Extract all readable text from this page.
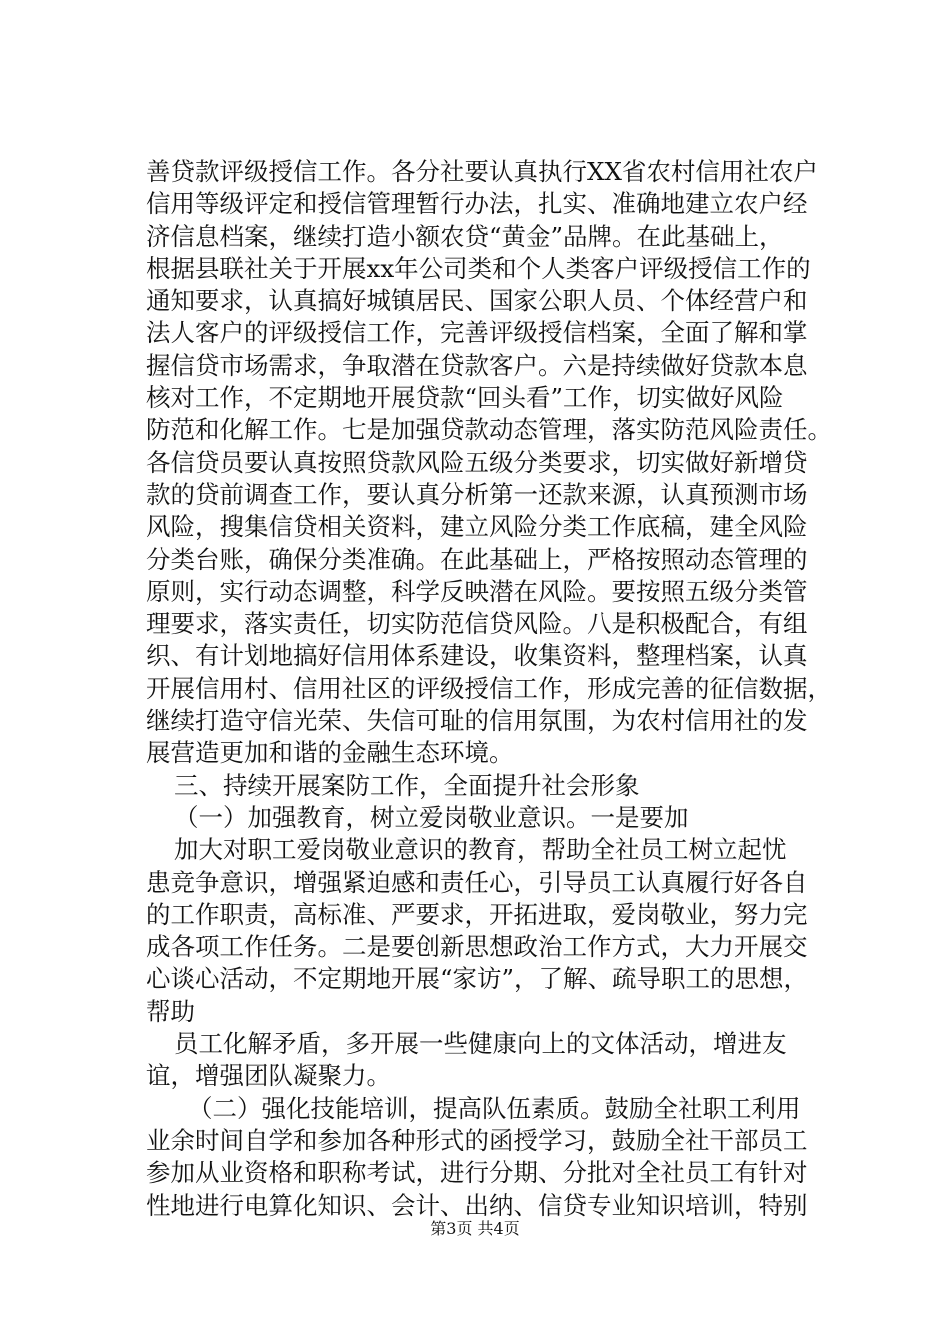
善贷款评级授信工作。各分社要认真执行XX省农村信用社农户
信用等级评定和授信管理暂行办法，扎实、准确地建立农户经
济信息档案，继续打造小额农贷“黄金”品牌。在此基础上，
根据县联社关于开展xx年公司类和个人类客户评级授信工作的
通知要求，认真搞好城镇居民、国家公职人员、个体经营户和
法人客户的评级授信工作，完善评级授信档案，全面了解和掌
握信贷市场需求，争取潜在贷款客户。六是持续做好贷款本息
核对工作，不定期地开展贷款“回头看”工作，切实做好风险
防范和化解工作。七是加强贷款动态管理，落实防范风险责任。
各信贷员要认真按照贷款风险五级分类要求，切实做好新增贷
款的贷前调查工作，要认真分析第一还款来源，认真预测市场
风险，搜集信贷相关资料，建立风险分类工作底稿，建全风险
分类台账，确保分类准确。在此基础上，严格按照动态管理的
原则，实行动态调整，科学反映潜在风险。要按照五级分类管
理要求，落实责任，切实防范信贷风险。八是积极配合，有组
织、有计划地搞好信用体系建设，收集资料，整理档案，认真
开展信用村、信用社区的评级授信工作，形成完善的征信数据，
继续打造守信光荣、失信可耻的信用氛围，为农村信用社的发
展营造更加和谐的金融生态环境。
三、持续开展案防工作，全面提升社会形象
（一）加强教育，树立爱岗敬业意识。一是要加
加大对职工爱岗敬业意识的教育，帮助全社员工树立起忧
患竞争意识，增强紧迫感和责任心，引导员工认真履行好各自
的工作职责，高标准、严要求，开拓进取，爱岗敬业，努力完
成各项工作任务。二是要创新思想政治工作方式，大力开展交
心谈心活动，不定期地开展“家访”，了解、疏导职工的思想，
帮助
员工化解矛盾，多开展一些健康向上的文体活动，增进友
谊，增强团队凝聚力。
（二）强化技能培训，提高队伍素质。鼓励全社职工利用
业余时间自学和参加各种形式的函授学习，鼓励全社干部员工
参加从业资格和职称考试，进行分期、分批对全社员工有针对
性地进行电算化知识、会计、出纳、信贷专业知识培训，特别
第3页 共4页
